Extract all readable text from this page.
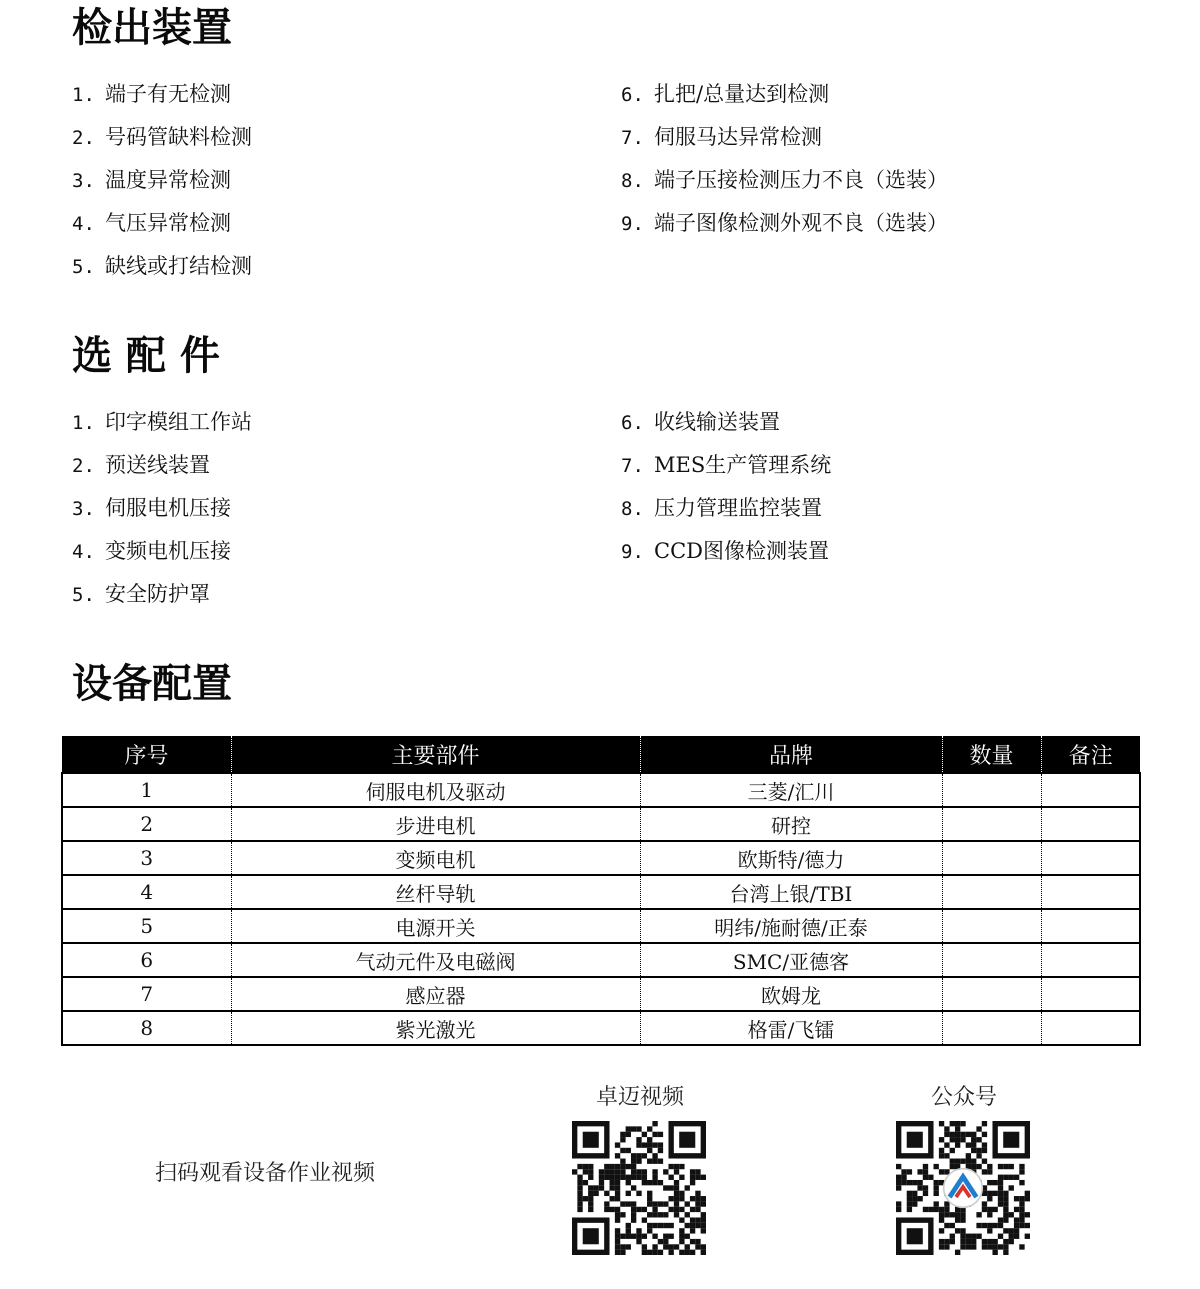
检出装置
1. 端子有无检测
2. 号码管缺料检测
3. 温度异常检测
4. 气压异常检测
5. 缺线或打结检测
6. 扎把/总量达到检测
7. 伺服马达异常检测
8. 端子压接检测压力不良（选装）
9. 端子图像检测外观不良（选装）
选 配 件
1. 印字模组工作站
2. 预送线装置
3. 伺服电机压接
4. 变频电机压接
5. 安全防护罩
6. 收线输送装置
7. MES生产管理系统
8. 压力管理监控装置
9. CCD图像检测装置
设备配置
序号	主要部件	品牌	数量	备注
1	伺服电机及驱动	三菱/汇川		
2	步进电机	研控		
3	变频电机	欧斯特/德力		
4	丝杆导轨	台湾上银/TBI		
5	电源开关	明纬/施耐德/正泰		
6	气动元件及电磁阀	SMC/亚德客		
7	感应器	欧姆龙		
8	紫光激光	格雷/飞镭		
扫码观看设备作业视频
卓迈视频	公众号
